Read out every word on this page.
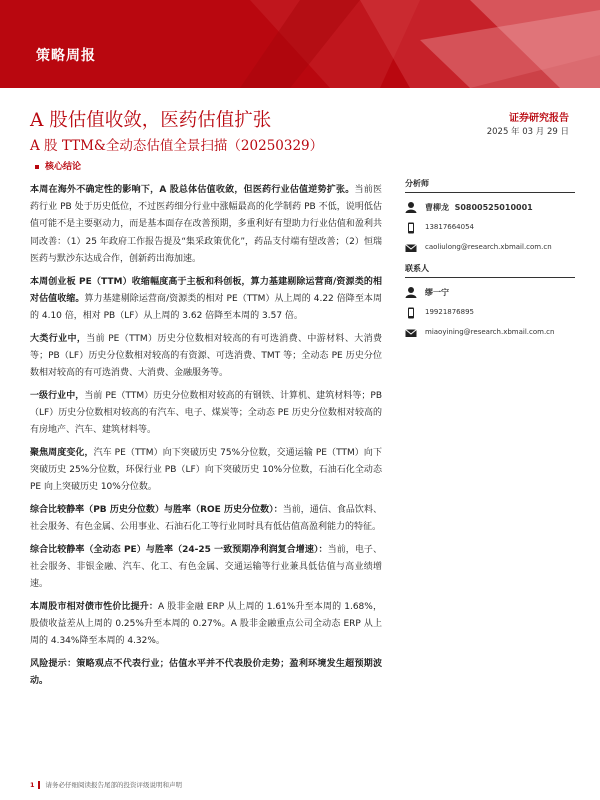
策略周报
A 股估值收敛，医药估值扩张
A 股 TTM&全动态估值全景扫描（20250329）
证券研究报告
2025 年 03 月 29 日
核心结论

本周在海外不确定性的影响下，A 股总体估值收敛，但医药行业估值逆势扩张。当前医药行业 PB 处于历史低位，不过医药细分行业中涨幅最高的化学制药 PB 不低，说明低估值可能不是主要驱动力，而是基本面存在改善预期，多重利好有望助力行业估值和盈利共同改善：（1）25 年政府工作报告提及“集采政策优化”，药品支付端有望改善；（2）恒瑞医药与默沙东达成合作，创新药出海加速。

本周创业板 PE（TTM）收缩幅度高于主板和科创板，算力基建剔除运营商/资源类的相对估值收缩。算力基建剔除运营商/资源类的相对 PE（TTM）从上周的 4.22 倍降至本周的 4.10 倍，相对 PB（LF）从上周的 3.62 倍降至本周的 3.57 倍。

大类行业中，当前 PE（TTM）历史分位数相对较高的有可选消费、中游材料、大消费等；PB（LF）历史分位数相对较高的有资源、可选消费、TMT 等；全动态 PE 历史分位数相对较高的有可选消费、大消费、金融服务等。

一级行业中，当前 PE（TTM）历史分位数相对较高的有钢铁、计算机、建筑材料等；PB（LF）历史分位数相对较高的有汽车、电子、煤炭等；全动态 PE 历史分位数相对较高的有房地产、汽车、建筑材料等。

聚焦周度变化，汽车 PE（TTM）向下突破历史 75%分位数，交通运输 PE（TTM）向下突破历史 25%分位数，环保行业 PB（LF）向下突破历史 10%分位数，石油石化全动态 PE 向上突破历史 10%分位数。

综合比较静率（PB 历史分位数）与胜率（ROE 历史分位数）：当前，通信、食品饮料、社会服务、有色金属、公用事业、石油石化工等行业同时具有低估值高盈利能力的特征。

综合比较静率（全动态 PE）与胜率（24-25 一致预期净利润复合增速）：当前，电子、社会服务、非银金融、汽车、化工、有色金属、交通运输等行业兼具低估值与高业绩增速。

本周股市相对债市性价比提升：A 股非金融 ERP 从上周的 1.61%升至本周的 1.68%，股债收益差从上周的 0.25%升至本周的 0.27%。A 股非金融重点公司全动态 ERP 从上周的 4.34%降至本周的 4.32%。

风险提示：策略观点不代表行业；估值水平并不代表股价走势；盈利环境发生超预期波动。

分析师
曹柳龙 S0800525010001
13817664054
caoliulong@research.xbmail.com.cn
联系人
缪一宁
19921876895
miaoyining@research.xbmail.com.cn
1 请务必仔细阅读报告尾部的投资评级说明和声明
